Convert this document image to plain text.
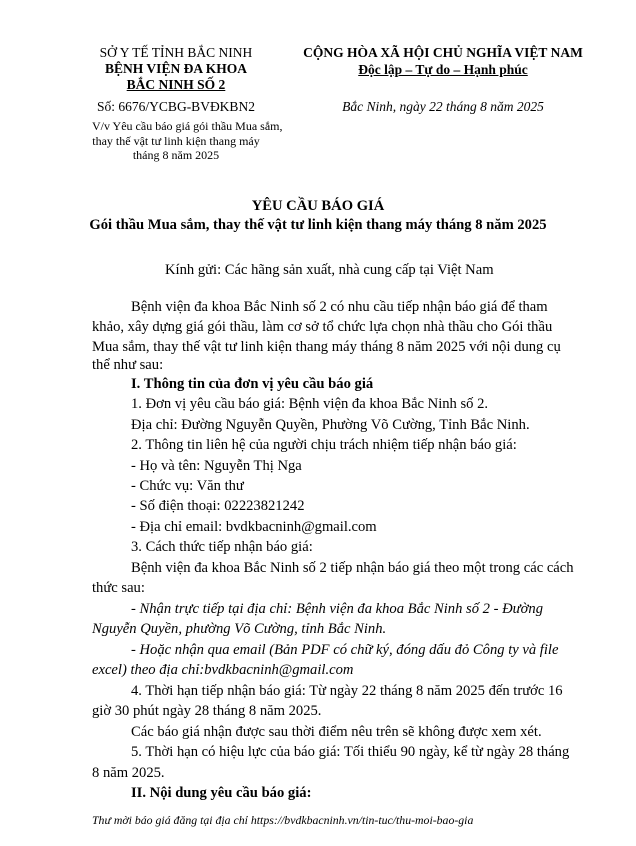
SỞ Y TẾ TỈNH BẮC NINH
BỆNH VIỆN ĐA KHOA
BẮC NINH SỐ 2
Số: 6676/YCBG-BVĐKBN2
V/v Yêu cầu báo giá gói thầu Mua sắm,
thay thế vật tư linh kiện thang máy
tháng 8 năm 2025
CỘNG HÒA XÃ HỘI CHỦ NGHĨA VIỆT NAM
Độc lập – Tự do – Hạnh phúc
Bắc Ninh, ngày 22 tháng 8 năm 2025
YÊU CẦU BÁO GIÁ
Gói thầu Mua sắm, thay thế vật tư linh kiện thang máy tháng 8 năm 2025
Kính gửi: Các hãng sản xuất, nhà cung cấp tại Việt Nam
Bệnh viện đa khoa Bắc Ninh số 2 có nhu cầu tiếp nhận báo giá để tham
khảo, xây dựng giá gói thầu, làm cơ sở tổ chức lựa chọn nhà thầu cho Gói thầu
Mua sắm, thay thế vật tư linh kiện thang máy tháng 8 năm 2025 với nội dung cụ
thể như sau:
I. Thông tin của đơn vị yêu cầu báo giá
1. Đơn vị yêu cầu báo giá: Bệnh viện đa khoa Bắc Ninh số 2.
Địa chỉ: Đường Nguyễn Quyền, Phường Võ Cường, Tỉnh Bắc Ninh.
2. Thông tin liên hệ của người chịu trách nhiệm tiếp nhận báo giá:
- Họ và tên: Nguyễn Thị Nga
- Chức vụ: Văn thư
- Số điện thoại: 02223821242
- Địa chỉ email: bvdkbacninh@gmail.com
3. Cách thức tiếp nhận báo giá:
Bệnh viện đa khoa Bắc Ninh số 2 tiếp nhận báo giá theo một trong các cách
thức sau:
- Nhận trực tiếp tại địa chỉ: Bệnh viện đa khoa Bắc Ninh số 2 - Đường
Nguyễn Quyền, phường Võ Cường, tỉnh Bắc Ninh.
- Hoặc nhận qua email (Bản PDF có chữ ký, đóng dấu đỏ Công ty và file
excel) theo địa chỉ:bvdkbacninh@gmail.com
4. Thời hạn tiếp nhận báo giá: Từ ngày 22 tháng 8 năm 2025 đến trước 16
giờ 30 phút ngày 28 tháng 8 năm 2025.
Các báo giá nhận được sau thời điểm nêu trên sẽ không được xem xét.
5. Thời hạn có hiệu lực của báo giá: Tối thiểu 90 ngày, kể từ ngày 28 tháng
8 năm 2025.
II. Nội dung yêu cầu báo giá:
Thư mời báo giá đăng tại địa chỉ https://bvdkbacninh.vn/tin-tuc/thu-moi-bao-gia
